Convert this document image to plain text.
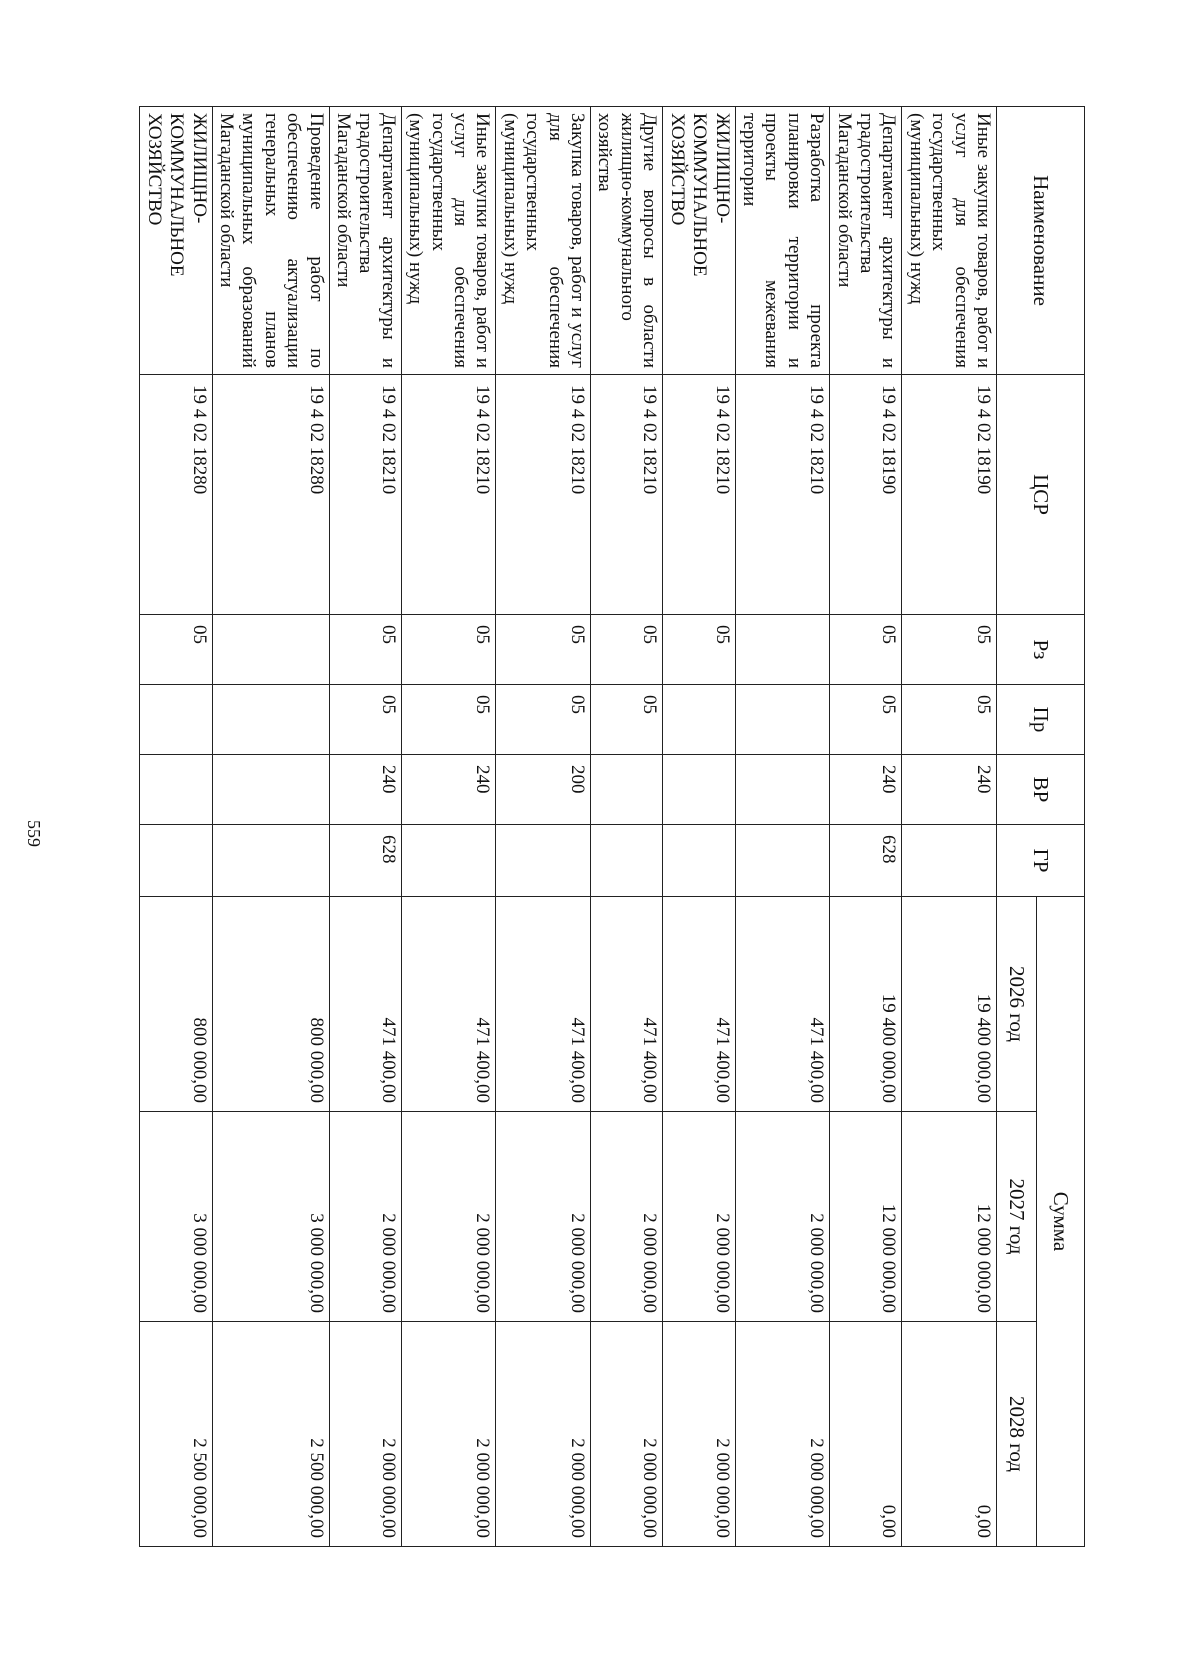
559
Наименование	ЦСР	Рз	Пр	ВР	ГР	Сумма		
						2026 год	2027 год	2028 год
Иные закупки товаров, работ и услуг для обеспечения государственных (муниципальных) нужд	19 4 02 18190	05	05	240		19 400 000,00	12 000 000,00	0,00
Департамент архитектуры и градостроительства Магаданской области	19 4 02 18190	05	05	240	628	19 400 000,00	12 000 000,00	0,00
Разработка проекта планировки территории и проекты межевания территории	19 4 02 18210					471 400,00	2 000 000,00	2 000 000,00
ЖИЛИЩНО-КОММУНАЛЬНОЕ ХОЗЯЙСТВО	19 4 02 18210	05				471 400,00	2 000 000,00	2 000 000,00
Другие вопросы в области жилищно-коммунального хозяйства	19 4 02 18210	05	05			471 400,00	2 000 000,00	2 000 000,00
Закупка товаров, работ и услуг для обеспечения государственных (муниципальных) нужд	19 4 02 18210	05	05	200		471 400,00	2 000 000,00	2 000 000,00
Иные закупки товаров, работ и услуг для обеспечения государственных (муниципальных) нужд	19 4 02 18210	05	05	240		471 400,00	2 000 000,00	2 000 000,00
Департамент архитектуры и градостроительства Магаданской области	19 4 02 18210	05	05	240	628	471 400,00	2 000 000,00	2 000 000,00
Проведение работ по обеспечению актуализации генеральных планов муниципальных образований Магаданской области	19 4 02 18280					800 000,00	3 000 000,00	2 500 000,00
ЖИЛИЩНО-КОММУНАЛЬНОЕ ХОЗЯЙСТВО	19 4 02 18280	05				800 000,00	3 000 000,00	2 500 000,00
